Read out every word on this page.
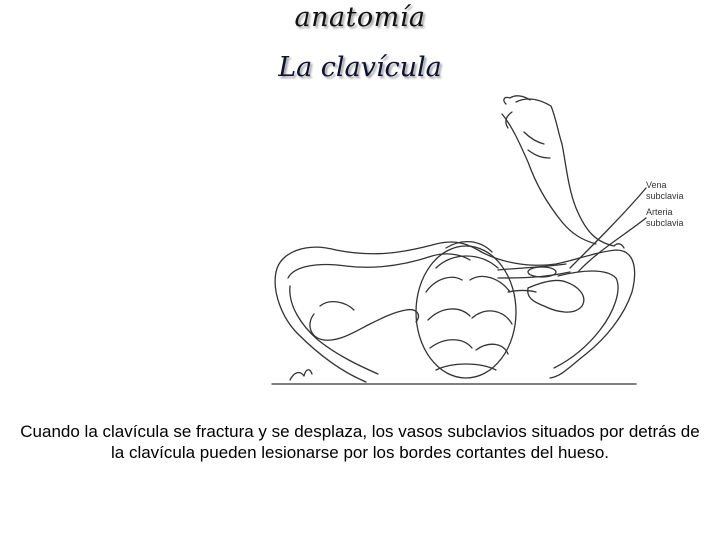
anatomía
La clavícula
Vena
subclavia
Arteria
subclavia
Cuando la clavícula se fractura y se desplaza, los vasos subclavios situados por detrás de la clavícula pueden lesionarse por los bordes cortantes del hueso.
